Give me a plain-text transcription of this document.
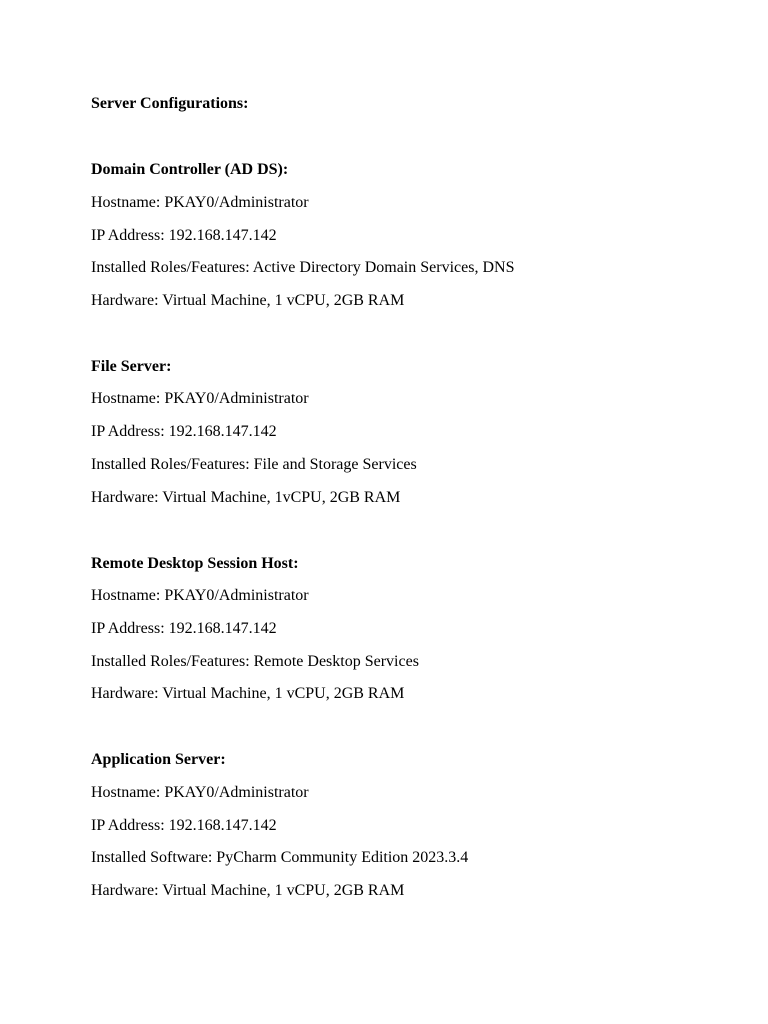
Server Configurations:
Domain Controller (AD DS):
Hostname: PKAY0/Administrator
IP Address: 192.168.147.142
Installed Roles/Features: Active Directory Domain Services, DNS
Hardware: Virtual Machine, 1 vCPU, 2GB RAM
File Server:
Hostname: PKAY0/Administrator
IP Address: 192.168.147.142
Installed Roles/Features: File and Storage Services
Hardware: Virtual Machine, 1vCPU, 2GB RAM
Remote Desktop Session Host:
Hostname: PKAY0/Administrator
IP Address: 192.168.147.142
Installed Roles/Features: Remote Desktop Services
Hardware: Virtual Machine, 1 vCPU, 2GB RAM
Application Server:
Hostname: PKAY0/Administrator
IP Address: 192.168.147.142
Installed Software: PyCharm Community Edition 2023.3.4
Hardware: Virtual Machine, 1 vCPU, 2GB RAM
